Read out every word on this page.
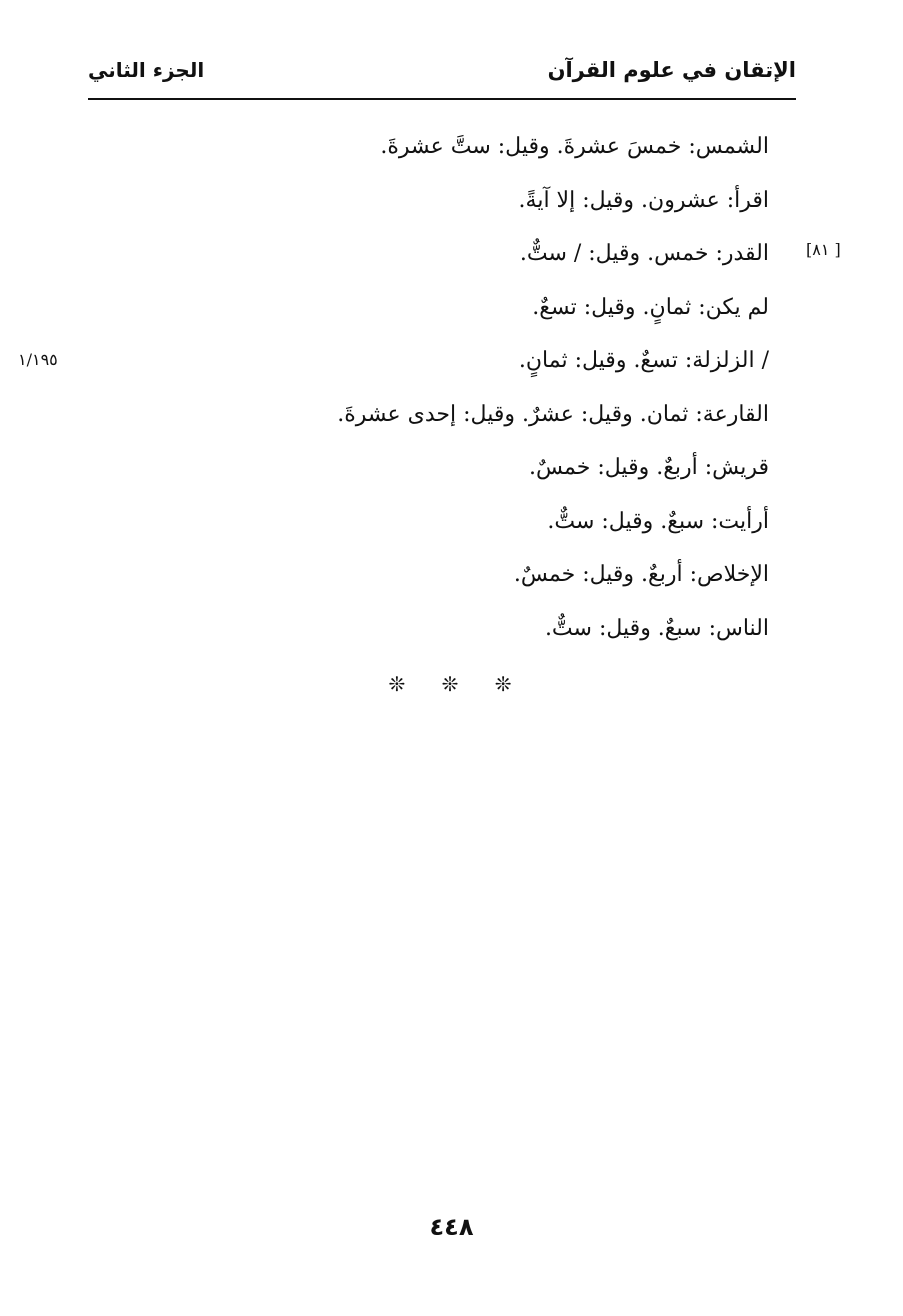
الإتقان في علوم القرآن
الجزء الثاني
[ ٨١]
١/١٩٥
الشمس: خمسَ عشرةَ. وقيل: ستَّ عشرةَ.
اقرأ: عشرون. وقيل: إلا آيةً.
القدر: خمس. وقيل: / ستٌّ.
لم يكن: ثمانٍ. وقيل: تسعٌ.
/ الزلزلة: تسعٌ. وقيل: ثمانٍ.
القارعة: ثمان. وقيل: عشرٌ. وقيل: إحدى عشرةَ.
قريش: أربعٌ. وقيل: خمسٌ.
أرأيت: سبعٌ. وقيل: ستٌّ.
الإخلاص: أربعٌ. وقيل: خمسٌ.
الناس: سبعٌ. وقيل: ستٌّ.
❊ ❊ ❊
٤٤٨
